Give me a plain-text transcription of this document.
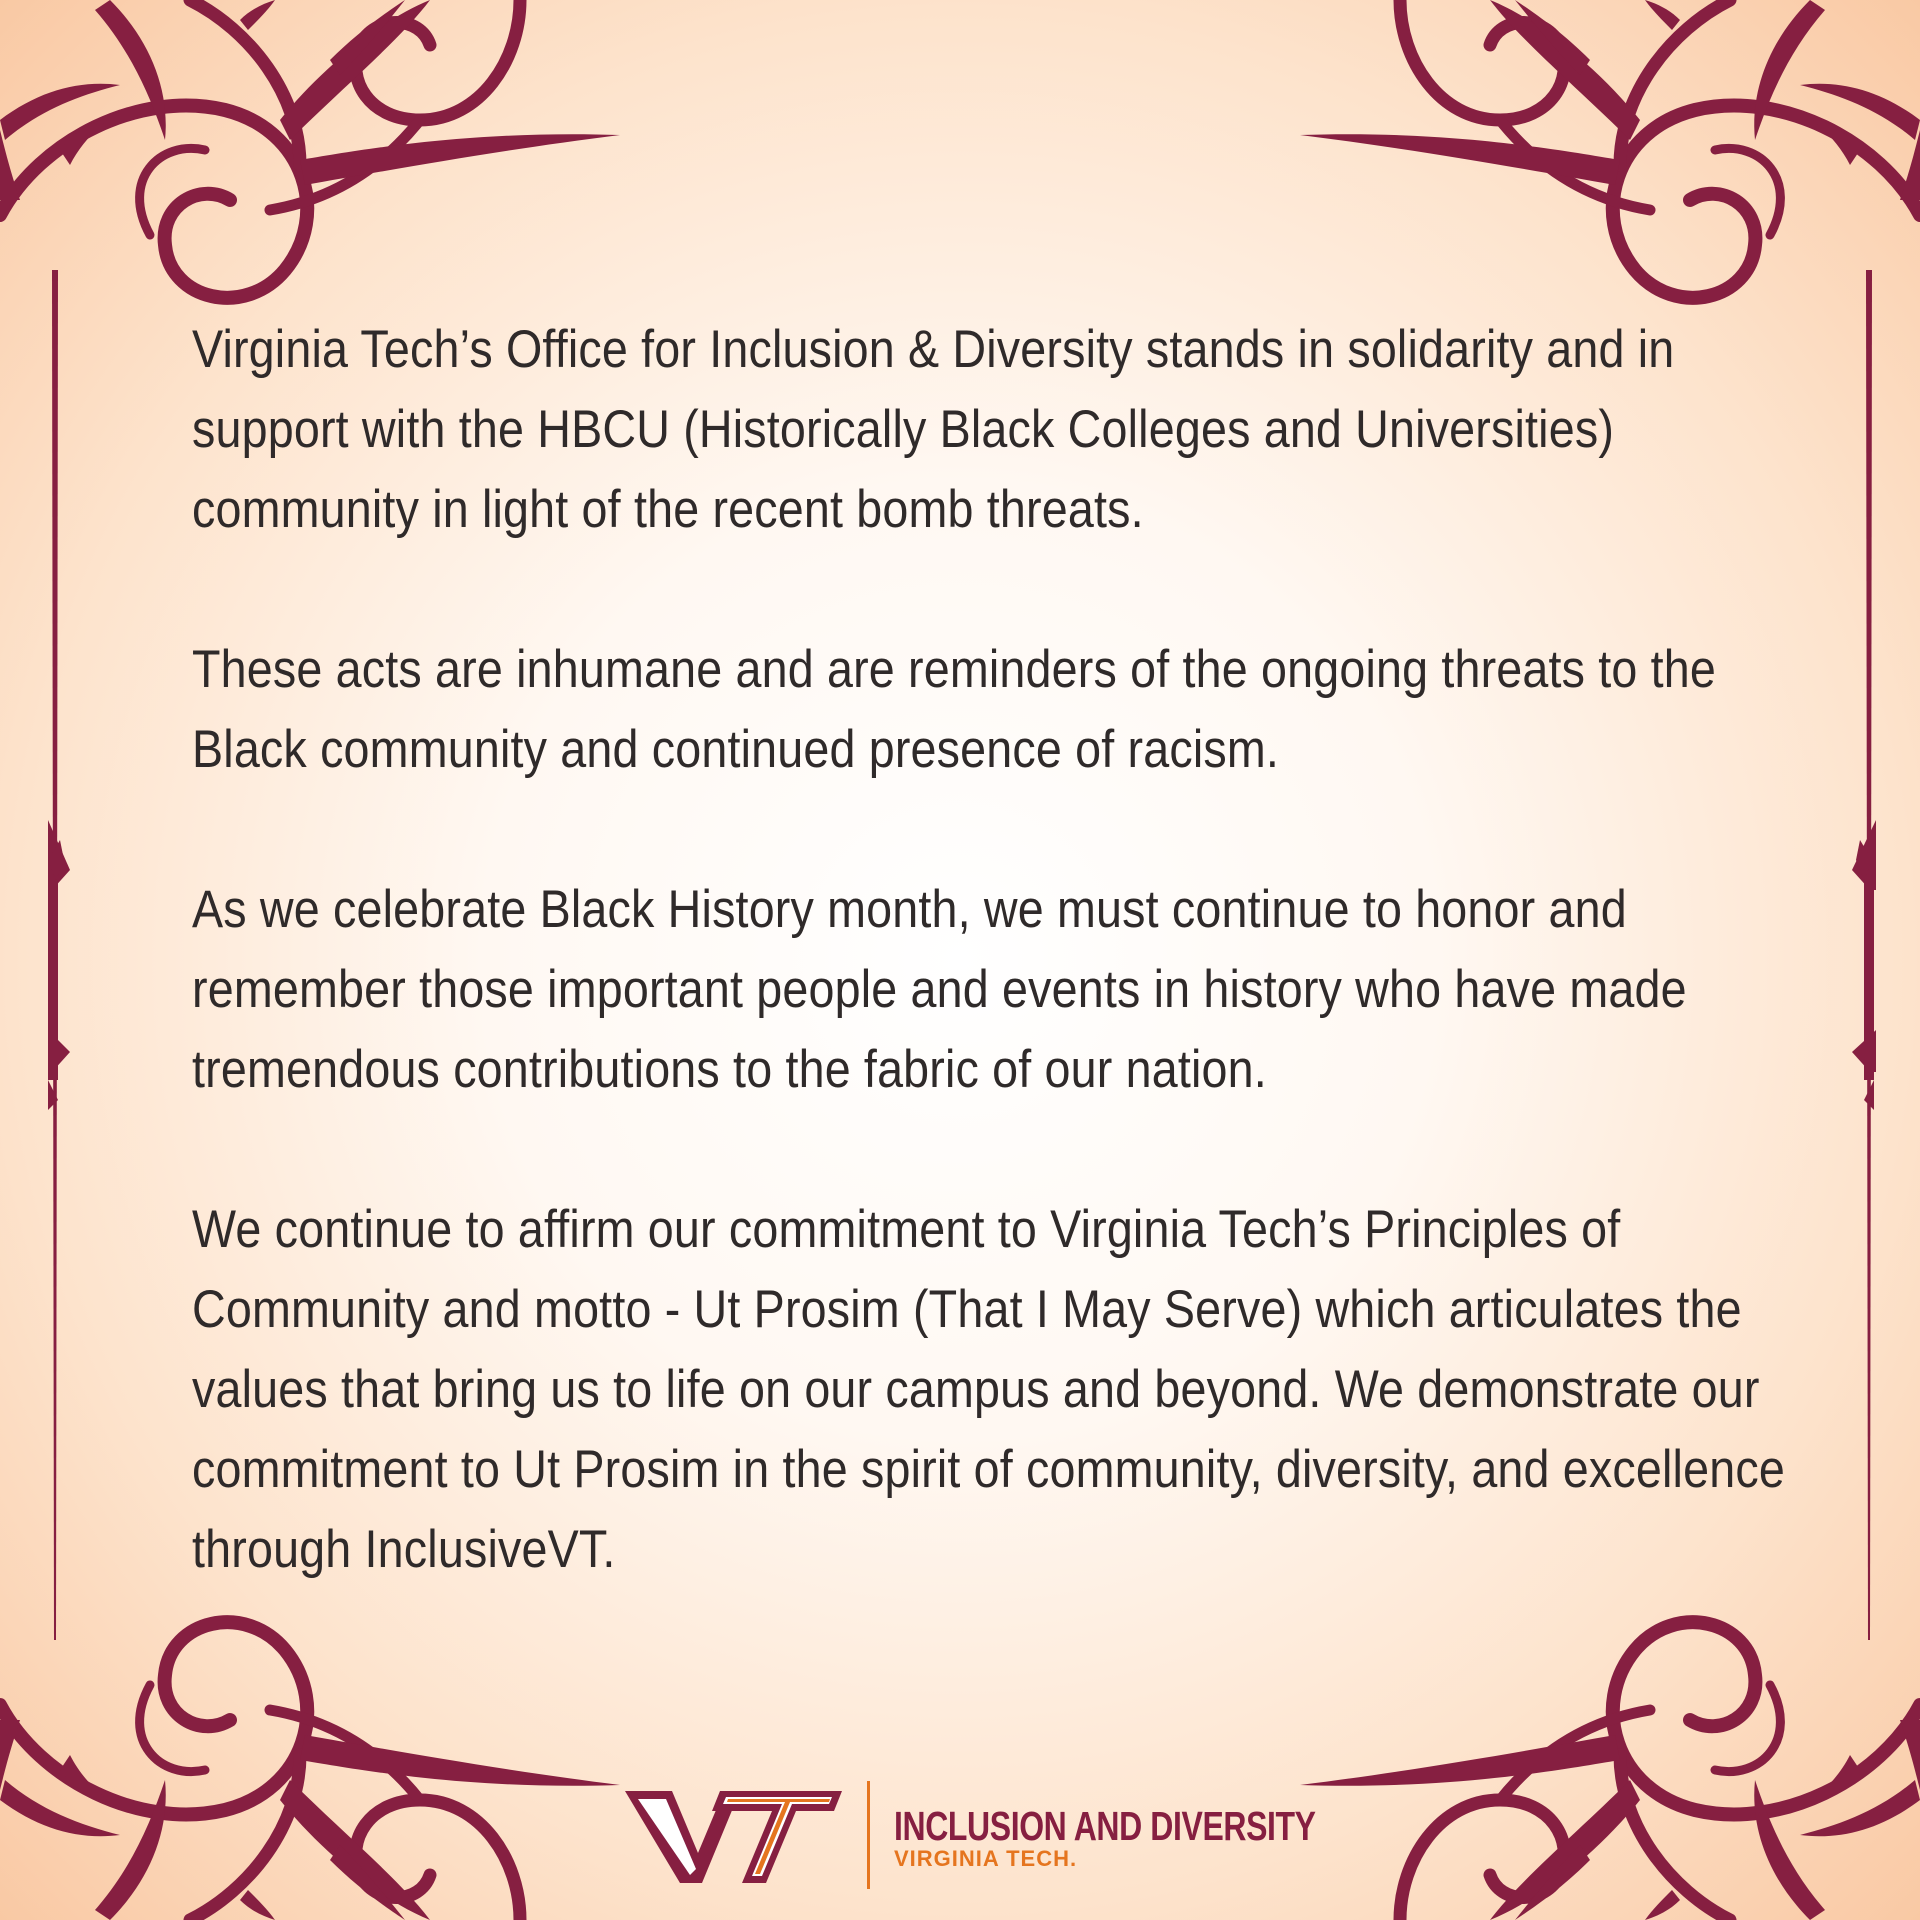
Virginia Tech’s Office for Inclusion & Diversity stands in solidarity and in support with the HBCU (Historically Black Colleges and Universities) community in light of the recent bomb threats.

These acts are inhumane and are reminders of the ongoing threats to the Black community and continued presence of racism.

As we celebrate Black History month, we must continue to honor and remember those important people and events in history who have made tremendous contributions to the fabric of our nation.

We continue to affirm our commitment to Virginia Tech’s Principles of Community and motto - Ut Prosim (That I May Serve) which articulates the values that bring us to life on our campus and beyond. We demonstrate our commitment to Ut Prosim in the spirit of community, diversity, and excellence through InclusiveVT.

INCLUSION AND DIVERSITY
VIRGINIA TECH.
